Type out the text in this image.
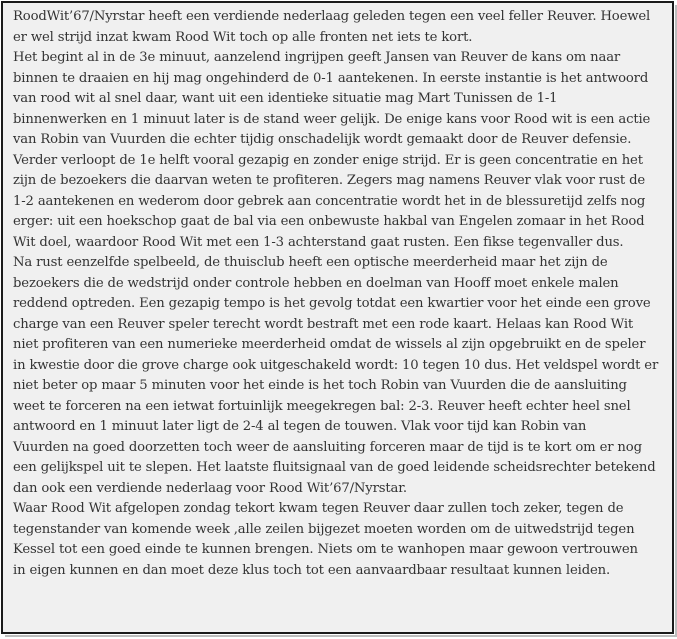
RoodWit’67/Nyrstar heeft een verdiende nederlaag geleden tegen een veel feller Reuver. Hoewel
er wel strijd inzat kwam Rood Wit toch op alle fronten net iets te kort.
Het begint al in de 3e minuut, aanzelend ingrijpen geeft Jansen van Reuver de kans om naar
binnen te draaien en hij mag ongehinderd de 0-1 aantekenen. In eerste instantie is het antwoord
van rood wit al snel daar, want uit een identieke situatie mag Mart Tunissen de 1-1
binnenwerken en 1 minuut later is de stand weer gelijk. De enige kans voor Rood wit is een actie
van Robin van Vuurden die echter tijdig onschadelijk wordt gemaakt door de Reuver defensie.
Verder verloopt de 1e helft vooral gezapig en zonder enige strijd. Er is geen concentratie en het
zijn de bezoekers die daarvan weten te profiteren. Zegers mag namens Reuver vlak voor rust de
1-2 aantekenen en wederom door gebrek aan concentratie wordt het in de blessuretijd zelfs nog
erger: uit een hoekschop gaat de bal via een onbewuste hakbal van Engelen zomaar in het Rood
Wit doel, waardoor Rood Wit met een 1-3 achterstand gaat rusten. Een fikse tegenvaller dus.
Na rust eenzelfde spelbeeld, de thuisclub heeft een optische meerderheid maar het zijn de
bezoekers die de wedstrijd onder controle hebben en doelman van Hooff moet enkele malen
reddend optreden. Een gezapig tempo is het gevolg totdat een kwartier voor het einde een grove
charge van een Reuver speler terecht wordt bestraft met een rode kaart. Helaas kan Rood Wit
niet profiteren van een numerieke meerderheid omdat de wissels al zijn opgebruikt en de speler
in kwestie door die grove charge ook uitgeschakeld wordt: 10 tegen 10 dus. Het veldspel wordt er
niet beter op maar 5 minuten voor het einde is het toch Robin van Vuurden die de aansluiting
weet te forceren na een ietwat fortuinlijk meegekregen bal: 2-3. Reuver heeft echter heel snel
antwoord en 1 minuut later ligt de 2-4 al tegen de touwen. Vlak voor tijd kan Robin van
Vuurden na goed doorzetten toch weer de aansluiting forceren maar de tijd is te kort om er nog
een gelijkspel uit te slepen. Het laatste fluitsignaal van de goed leidende scheidsrechter betekend
dan ook een verdiende nederlaag voor Rood Wit’67/Nyrstar.
Waar Rood Wit afgelopen zondag tekort kwam tegen Reuver daar zullen toch zeker, tegen de
tegenstander van komende week ,alle zeilen bijgezet moeten worden om de uitwedstrijd tegen
Kessel tot een goed einde te kunnen brengen. Niets om te wanhopen maar gewoon vertrouwen
in eigen kunnen en dan moet deze klus toch tot een aanvaardbaar resultaat kunnen leiden.
